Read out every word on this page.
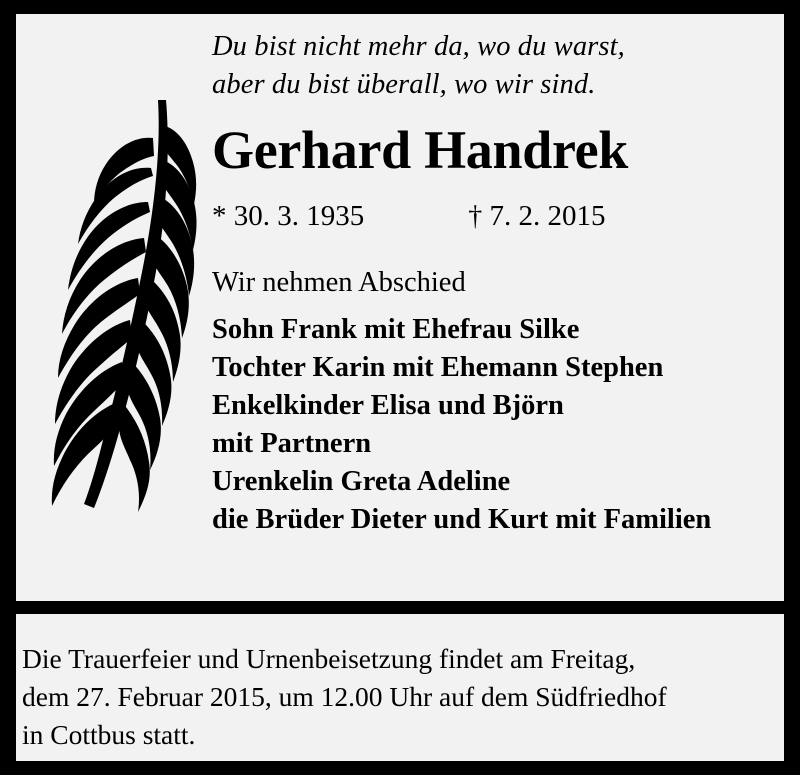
Du bist nicht mehr da, wo du warst,
aber du bist überall, wo wir sind.
Gerhard Handrek
* 30. 3. 1935	† 7. 2. 2015
Wir nehmen Abschied
Sohn Frank mit Ehefrau Silke
Tochter Karin mit Ehemann Stephen
Enkelkinder Elisa und Björn
mit Partnern
Urenkelin Greta Adeline
die Brüder Dieter und Kurt mit Familien
Die Trauerfeier und Urnenbeisetzung findet am Freitag,
dem 27. Februar 2015, um 12.00 Uhr auf dem Südfriedhof
in Cottbus statt.
